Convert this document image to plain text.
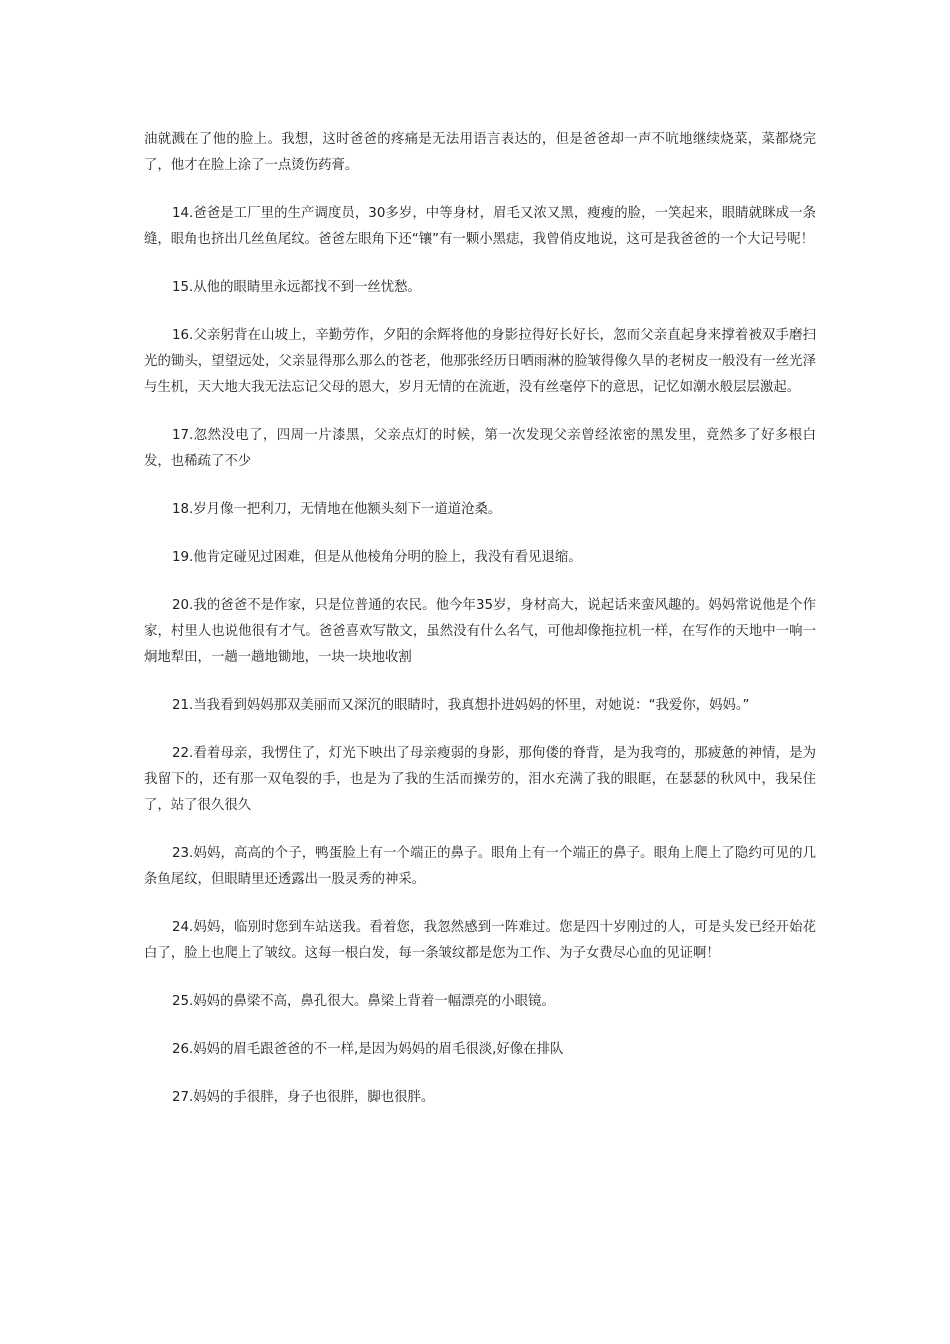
油就溅在了他的脸上。我想，这时爸爸的疼痛是无法用语言表达的，但是爸爸却一声不吭地继续烧菜，菜都烧完了，他才在脸上涂了一点烫伤药膏。

14.爸爸是工厂里的生产调度员，30多岁，中等身材，眉毛又浓又黑，瘦瘦的脸，一笑起来，眼睛就眯成一条缝，眼角也挤出几丝鱼尾纹。爸爸左眼角下还“镶”有一颗小黑痣，我曾俏皮地说，这可是我爸爸的一个大记号呢！

15.从他的眼睛里永远都找不到一丝忧愁。

16.父亲躬背在山坡上，辛勤劳作，夕阳的余辉将他的身影拉得好长好长，忽而父亲直起身来撑着被双手磨扫光的锄头，望望远处，父亲显得那么那么的苍老，他那张经历日晒雨淋的脸皱得像久旱的老树皮一般没有一丝光泽与生机，天大地大我无法忘记父母的恩大，岁月无情的在流逝，没有丝毫停下的意思，记忆如潮水般层层激起。

17.忽然没电了，四周一片漆黑，父亲点灯的时候，第一次发现父亲曾经浓密的黑发里，竟然多了好多根白发，也稀疏了不少

18.岁月像一把利刀，无情地在他额头刻下一道道沧桑。

19.他肯定碰见过困难，但是从他棱角分明的脸上，我没有看见退缩。

20.我的爸爸不是作家，只是位普通的农民。他今年35岁，身材高大，说起话来蛮风趣的。妈妈常说他是个作家，村里人也说他很有才气。爸爸喜欢写散文，虽然没有什么名气，可他却像拖拉机一样，在写作的天地中一响一炯地犁田，一趟一趟地锄地，一块一块地收割

21.当我看到妈妈那双美丽而又深沉的眼睛时，我真想扑进妈妈的怀里，对她说：“我爱你，妈妈。”

22.看着母亲，我愣住了，灯光下映出了母亲瘦弱的身影，那佝偻的脊背，是为我弯的，那疲惫的神情，是为我留下的，还有那一双龟裂的手，也是为了我的生活而操劳的，泪水充满了我的眼眶，在瑟瑟的秋风中，我呆住了，站了很久很久

23.妈妈，高高的个子，鸭蛋脸上有一个端正的鼻子。眼角上有一个端正的鼻子。眼角上爬上了隐约可见的几条鱼尾纹，但眼睛里还透露出一股灵秀的神采。

24.妈妈，临别时您到车站送我。看着您，我忽然感到一阵难过。您是四十岁刚过的人，可是头发已经开始花白了，脸上也爬上了皱纹。这每一根白发，每一条皱纹都是您为工作、为子女费尽心血的见证啊！

25.妈妈的鼻梁不高，鼻孔很大。鼻梁上背着一幅漂亮的小眼镜。

26.妈妈的眉毛跟爸爸的不一样,是因为妈妈的眉毛很淡,好像在排队

27.妈妈的手很胖，身子也很胖，脚也很胖。
